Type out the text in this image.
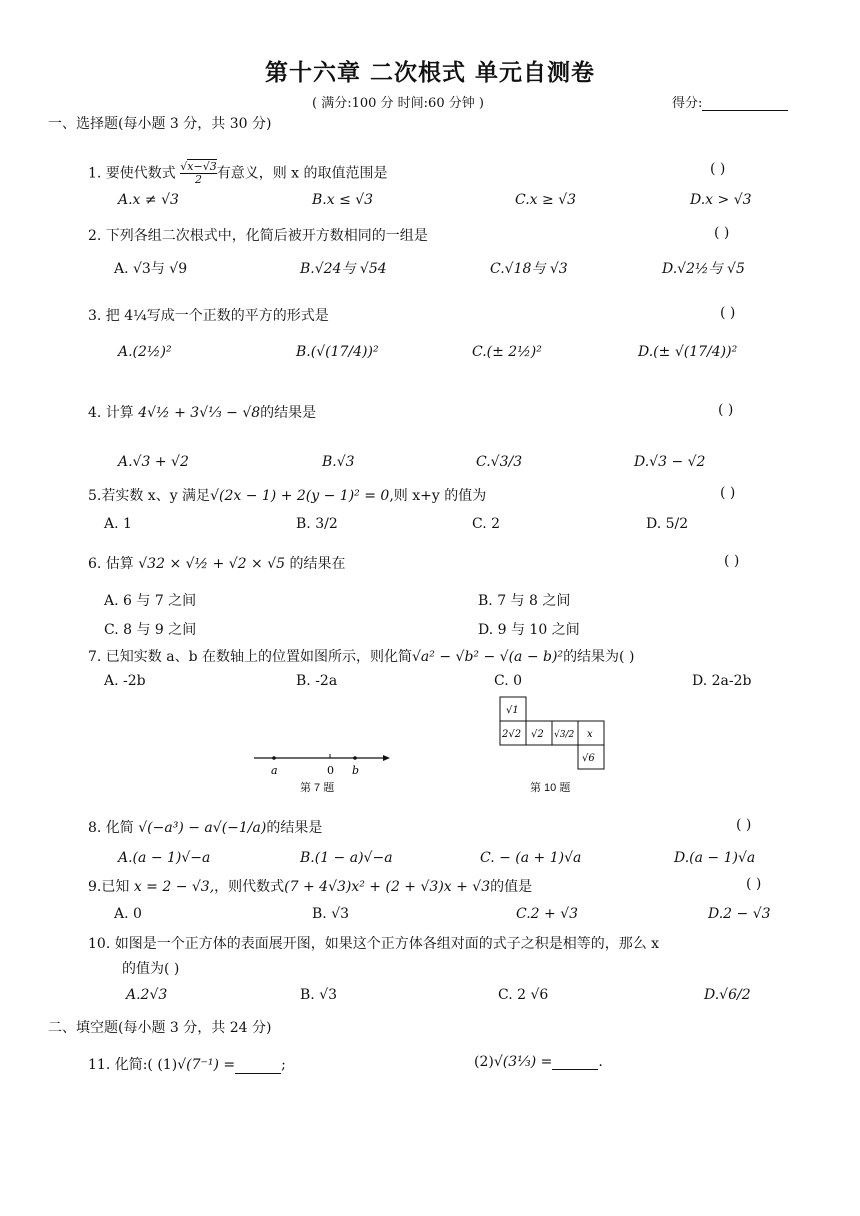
第十六章 二次根式 单元自测卷
( 满分:100 分 时间:60 分钟 )	得分:
一、选择题(每小题 3 分，共 30 分)
1. 要使代数式 $\frac{√x-√3}{2}$ 有意义，则 x 的取值范围是	( )
A.x ≠ √3	B.x ≤ √3	C.x ≥ √3	D.x > √3
2. 下列各组二次根式中，化简后被开方数相同的一组是	( )
A. √3与 √9	B.√24与 √54	C.√18与 √3	D.√2½与 √5
3. 把 4¼写成一个正数的平方的形式是	( )
A.(2½)²	B.(√(17/4))²	C.(± 2½)²	D.(± √(17/4))²
4. 计算 4√½ + 3√⅓ − √8的结果是	( )
A.√3 + √2	B.√3	C.√3/3	D.√3 − √2
5.若实数 x、y 满足√(2x − 1) + 2(y − 1)² = 0,则 x+y 的值为	( )
A. 1	B. 3/2	C. 2	D. 5/2
6. 估算 √32 × √½ + √2 × √5 的结果在	( )
A. 6 与 7 之间	B. 7 与 8 之间
C. 8 与 9 之间	D. 9 与 10 之间
7. 已知实数 a、b 在数轴上的位置如图所示，则化简√a² − √b² − √(a − b)²的结果为( )
A. -2b	B. -2a	C. 0	D. 2a-2b
a	0 b
第 7 题
√1
2√2 √2 √3/2 x
√6
第 10 题
8. 化简 √(−a³) − a√(−1/a)的结果是	( )
A.(a − 1)√−a	B.(1 − a)√−a	C. − (a + 1)√a	D.(a − 1)√a
9.已知 x = 2 − √3,，则代数式(7 + 4√3)x² + (2 + √3)x + √3的值是	( )
A. 0	B. √3	C.2 + √3	D.2 − √3
10. 如图是一个正方体的表面展开图，如果这个正方体各组对面的式子之积是相等的，那么 x
的值为( )
A.2√3	B. √3	C. 2 √6	D.√6/2
二、填空题(每小题 3 分，共 24 分)
11. 化简:( (1)√(7⁻¹) =	;	(2)√(3⅓) =	.
